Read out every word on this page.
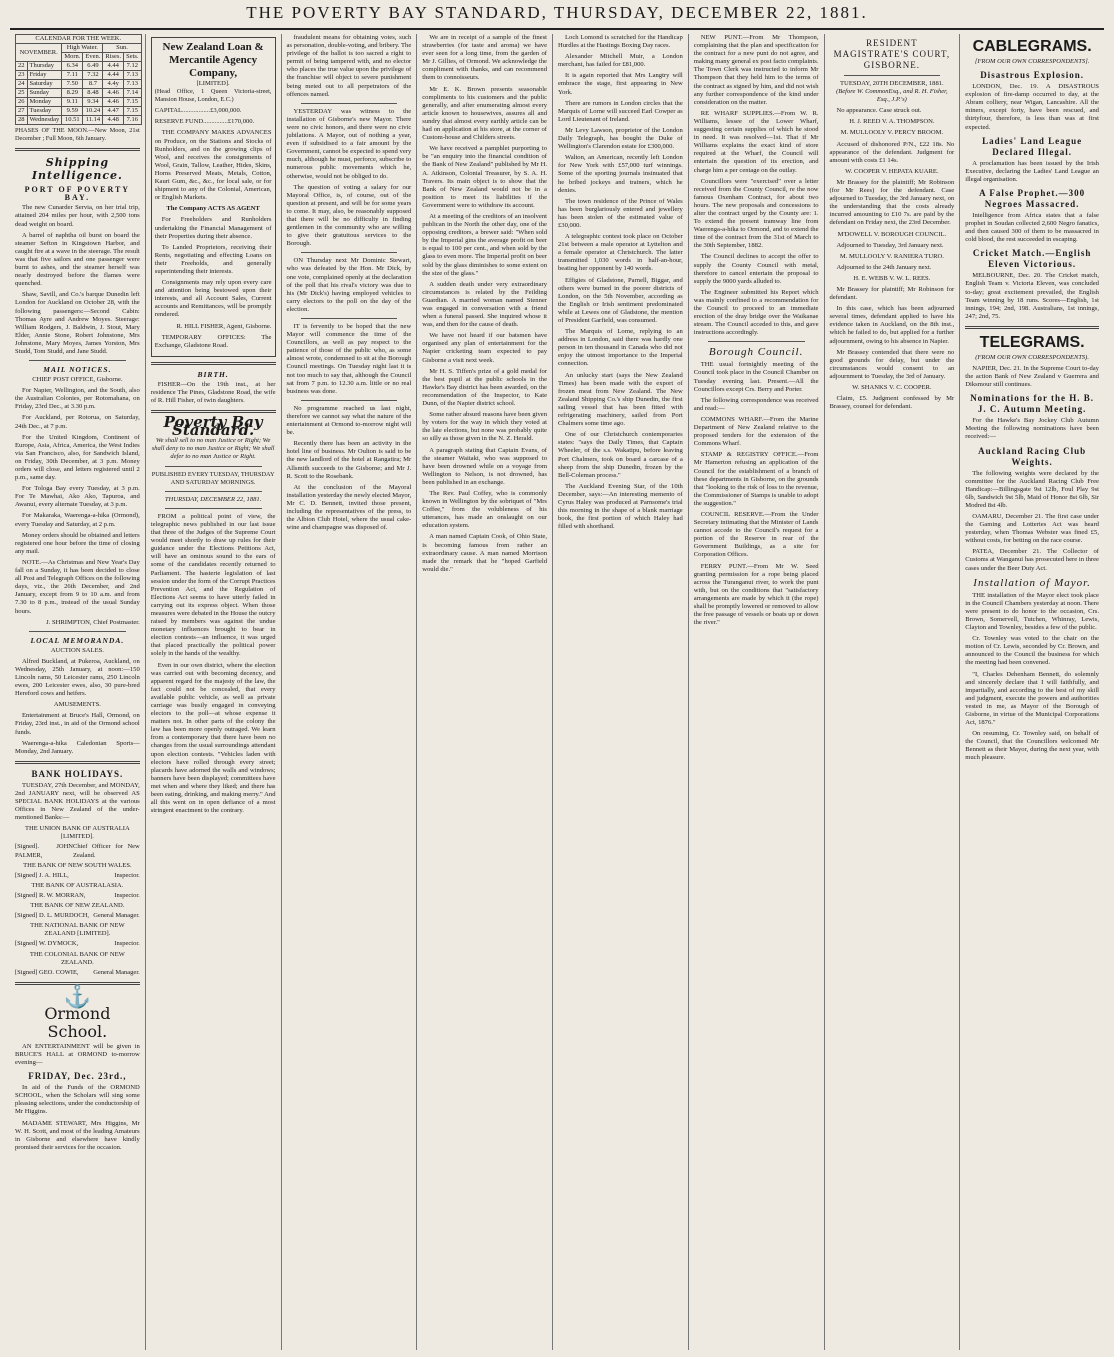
THE POVERTY BAY STANDARD, THURSDAY, DECEMBER 22, 1881.
CALENDAR FOR THE WEEK.					
NOVEMBER.		High Water.		Sun.	
		Morn.	Even.	Rises.	Sets.
22	Thursday	6.34	6.49	4.44	7.12
23	Friday	7.11	7.32	4.44	7.13
24	Saturday	7.50	8.7	4.4y	7.13
25	Sunday	8.29	8.48	4.46	7.14
26	Monday	9.11	9.34	4.46	7.15
27	Tuesday	9.59	10.24	4.47	7.15
28	Wednesday	10.51	11.14	4.48	7.16

PHASES OF THE MOON.—New Moon, 21st December ; Full Moon, 6th January.

Shipping Intelligence.
PORT OF POVERTY BAY.

The new Cunarder Servia, on her trial trip, attained 204 miles per hour, with 2,500 tons dead weight on board.

A barrel of naphtha oil burst on board the steamer Sefton in Kingstown Harbor, and caught fire at a wave in the steerage. The result was that five sailors and one passenger were burnt to ashes, and the steamer herself was nearly destroyed before the flames were quenched.

Shaw, Savill, and Co.'s barque Dunedin left London for Auckland on October 28, with the following passengers:—Second Cabin: Thomas Ayre and Andrew Moyes. Steerage: William Rodgers, J. Baldwin, J. Stout, Mary Elder, Annie Stone, Robert Johnstone, Mrs Johnstone, Mary Moyes, James Yorston, Mrs Studd, Tom Studd, and Jane Studd.

MAIL NOTICES.

CHIEF POST OFFICE, Gisborne.

For Napier, Wellington, and the South, also the Australian Colonies, per Rotomahana, on Friday, 23rd Dec., at 3.30 p.m.

For Auckland, per Rotorua, on Saturday, 24th Dec., at 7 p.m.

For the United Kingdom, Continent of Europe, Asia, Africa, America, the West Indies via San Francisco, also, for Sandwich Island, on Friday, 30th December, at 3 p.m. Money orders will close, and letters registered until 2 p.m., same day.

For Tologa Bay every Tuesday, at 3 p.m. For Te Mawhai, Ako Ako, Tapuroa, and Awanui, every alternate Tuesday, at 3 p.m.

For Makaraka, Waerenga-a-hika (Ormond), every Tuesday and Saturday, at 2 p.m.

Money orders should be obtained and letters registered one hour before the time of closing any mail.

NOTE.—As Christmas and New Year's Day fall on a Sunday, it has been decided to close all Post and Telegraph Offices on the following days, viz., the 26th December, and 2nd January, except from 9 to 10 a.m. and from 7.30 to 8 p.m., instead of the usual Sunday hours.

J. SHRIMPTON, Chief Postmaster.

LOCAL MEMORANDA.

AUCTION SALES.

Alfred Buckland, at Pukeroa, Auckland, on Wednesday, 25th January, at noon:—150 Lincoln rams, 50 Leicester rams, 250 Lincoln ewes, 200 Leicester ewes, also, 30 pure-bred Hereford cows and heifers.

AMUSEMENTS.

Entertainment at Bruce's Hall, Ormond, on Friday, 23rd inst., in aid of the Ormond school funds.

Waerenga-a-hika Caledonian Sports—Monday, 2nd January.

BANK HOLIDAYS.

TUESDAY, 27th December, and MONDAY, 2nd JANUARY next, will be observed AS SPECIAL BANK HOLIDAYS at the various Offices in New Zealand of the under-mentioned Banks:—

THE UNION BANK OF AUSTRALIA [LIMITED].

[Signed]. JOHN PALMER,
Chief Officer for New Zealand.

THE BANK OF NEW SOUTH WALES.

[Signed] J. A. HILL,	Inspector.

THE BANK OF AUSTRALASIA.

[Signed] R. W. MORRAN,	Inspector.

THE BANK OF NEW ZEALAND.

[Signed] D. L. MURDOCH, General Manager.

THE NATIONAL BANK OF NEW ZEALAND [LIMITED].

[Signed] W. DYMOCK,	Inspector.

THE COLONIAL BANK OF NEW ZEALAND.

[Signed] GEO. COWIE, General Manager.
⚓
Ormond School.

AN ENTERTAINMENT will be given in BRUCE'S HALL at ORMOND to-morrow evening—

FRIDAY, Dec. 23rd.,

In aid of the Funds of the ORMOND SCHOOL, when the Scholars will sing some pleasing selections, under the conductorship of Mr Higgins.

MADAME STEWART, Mrs Higgins, Mr W. H. Scott, and most of the leading Amateurs in Gisborne and elsewhere have kindly promised their services for the occasion.

New Zealand Loan & Mercantile Agency Company,
[LIMITED].

(Head Office, 1 Queen Victoria-street, Mansion House, London, E.C.)

CAPITAL.................£3,000,000.

RESERVE FUND...............£170,000.

THE COMPANY MAKES ADVANCES on Produce, on the Stations and Stocks of Runholders, and on the growing clips of Wool, and receives the consignments of Wool, Grain, Tallow, Leather, Hides, Skins, Horns Preserved Meats, Metals, Cotton, Kauri Gum, &c., &c., for local sale, or for shipment to any of the Colonial, American, or English Markets.

The Company ACTS AS AGENT

For Freeholders and Runholders undertaking the Financial Management of their Properties during their absence.

To Landed Proprietors, receiving their Rents, negotiating and effecting Loans on their Freeholds, and generally superintending their interests.

Consignments may rely upon every care and attention being bestowed upon their interests, and all Account Sales, Current accounts and Remittances, will be promptly rendered.

R. HILL FISHER, Agent, Gisborne.

TEMPORARY OFFICES: The Exchange, Gladstone Road.

BIRTH.

FISHER—On the 19th inst., at her residence The Pines, Gladstone Road, the wife of R. Hill Fisher, of twin daughters.

Poverty Bay Standard.
We shall sell to no man Justice or Right; We shall deny to no man Justice or Right; We shall defer to no man Justice or Right.
PUBLISHED EVERY TUESDAY, THURSDAY AND SATURDAY MORNINGS.
THURSDAY, DECEMBER 22, 1881.

FROM a political point of view, the telegraphic news published in our last issue that three of the Judges of the Supreme Court would meet shortly to draw up rules for their guidance under the Elections Petitions Act, will have an ominous sound to the ears of some of the candidates recently returned to Parliament. The hasterie legislation of last session under the form of the Corrupt Practices Prevention Act, and the Regulation of Elections Act seems to have utterly failed in carrying out its express object. When those measures were debated in the House the outcry raised by members was against the undue monetary influences brought to bear in election contests—an influence, it was urged that placed practically the political power solely in the hands of the wealthy.

Even in our own district, where the election was carried out with becoming decency, and apparent regard for the majesty of the law, the fact could not be concealed, that every available public vehicle, as well as private carriage was busily engaged in conveying electors to the poll—at whose expense it matters not. In other parts of the colony the law has been more openly outraged. We learn from a contemporary that there have been no changes from the usual surroundings attendant upon election contests. "Vehicles laden with electors have rolled through every street; placards have adorned the walls and windows; banners have been displayed; committees have met when and where they liked; and there has been eating, drinking, and making merry." And all this went on in open defiance of a most stringent enactment to the contrary.

fraudulent means for obtaining votes, such as personation, double-voting, and bribery. The privilege of the ballot is too sacred a right to permit of being tampered with, and no elector who places the true value upon the privilege of the franchise will object to severe punishment being meted out to all perpetrators of the offences named.

YESTERDAY was witness to the installation of Gisborne's new Mayor. There were no civic honors, and there were no civic jubilations. A Mayor, out of nothing a year, even if subsidised to a fair amount by the Government, cannot be expected to spend very much, although he must, perforce, subscribe to numerous public movements which he, otherwise, would not be obliged to do.

The question of voting a salary for our Mayoral Office, is, of course, out of the question at present, and will be for some years to come. It may, also, be reasonably supposed that there will be no difficulty in finding gentlemen in the community who are willing to give their gratuitous services to the Borough.

ON Thursday next Mr Dominic Stewart, who was defeated by the Hon. Mr Dick, by one vote, complained openly at the declaration of the poll that his rival's victory was due to his (Mr Dick's) having employed vehicles to carry electors to the poll on the day of the election.

IT is fervently to be hoped that the new Mayor will commence the time of the Councillors, as well as pay respect to the patience of those of the public who, as some almost wrote, condemned to sit at the Borough Council meetings. On Tuesday night last it is not too much to say that, although the Council sat from 7 p.m. to 12.30 a.m. little or no real business was done.

No programme reached us last night, therefore we cannot say what the nature of the entertainment at Ormond to-morrow night will be.

Recently there has been an activity in the hotel line of business. Mr Oulton is said to be the new landlord of the hotel at Rangatira; Mr Allsmith succeeds to the Gisborne; and Mr J. R. Scott to the Rosebank.

At the conclusion of the Mayoral installation yesterday the newly elected Mayor, Mr C. D. Bennett, invited those present, including the representatives of the press, to the Albion Club Hotel, where the usual cake-wine and champagne was disposed of.

We are in receipt of a sample of the finest strawberries (for taste and aroma) we have ever seen for a long time, from the garden of Mr J. Gillies, of Ormond. We acknowledge the compliment with thanks, and can recommend them to connoisseurs.

Mr E. K. Brown presents seasonable compliments to his customers and the public generally, and after enumerating almost every article known to housewives, assures all and sundry that almost every earthly article can be had on application at his store, at the corner of Custom-house and Childers streets.

We have received a pamphlet purporting to be "an enquiry into the financial condition of the Bank of New Zealand" published by Mr H. A. Atkinson, Colonial Treasurer, by S. A. H. Travers. Its main object is to show that the Bank of New Zealand would not be in a position to meet its liabilities if the Government were to withdraw its account.

At a meeting of the creditors of an insolvent publican in the North the other day, one of the opposing creditors, a brewer said: "When sold by the Imperial gins the average profit on beer is equal to 100 per cent., and when sold by the glass to even more. The Imperial profit on beer sold by the glass diminishes to some extent on the size of the glass."

A sudden death under very extraordinary circumstances is related by the Feilding Guardian. A married woman named Stenner was engaged in conversation with a friend when a funeral passed. She inquired whose it was, and then for the cause of death.

We have not heard if our batsmen have organised any plan of entertainment for the Napier cricketing team expected to pay Gisborne a visit next week.

Mr H. S. Tiffen's prize of a gold medal for the best pupil at the public schools in the Hawke's Bay district has been awarded, on the recommendation of the Inspector, to Kate Dunn, of the Napier district school.

Some rather absurd reasons have been given by voters for the way in which they voted at the late elections, but none was probably quite so silly as those given in the N. Z. Herald.

A paragraph stating that Captain Evans, of the steamer Waitaki, who was supposed to have been drowned while on a voyage from Wellington to Nelson, is not drowned, has been published in an exchange.

The Rev. Paul Coffey, who is commonly known in Wellington by the sobriquet of "Mrs Coffee," from the volubleness of his utterances, has made an onslaught on our education system.

A man named Captain Cook, of Ohio State, is becoming famous from rather an extraordinary cause. A man named Morrison made the remark that he "hoped Garfield would die."

Loch Lomond is scratched for the Handicap Hurdles at the Hastings Boxing Day races.

Alexander Mitchell Muir, a London merchant, has failed for £81,000.

It is again reported that Mrs Langtry will embrace the stage, first appearing in New York.

There are rumors in London circles that the Marquis of Lorne will succeed Earl Cowper as Lord Lieutenant of Ireland.

Mr Levy Lawson, proprietor of the London Daily Telegraph, has bought the Duke of Wellington's Clarendon estate for £300,000.

Walton, an American, recently left London for New York with £57,000 turf winnings. Some of the sporting journals insinuated that he bribed jockeys and trainers, which he denies.

The town residence of the Prince of Wales has been burglariously entered and jewellery has been stolen of the estimated value of £30,000.

A telegraphic contest took place on October 21st between a male operator at Lyttelton and a female operator at Christchurch. The latter transmitted 1,030 words in half-an-hour, beating her opponent by 140 words.

Effigies of Gladstone, Parnell, Biggar, and others were burned in the poorer districts of London, on the 5th November, according as the English or Irish sentiment predominated while at Lewes one of Gladstone, the mention of President Garfield, was consumed.

The Marquis of Lorne, replying to an address in London, said there was hardly one person in ten thousand in Canada who did not enjoy the utmost importance to the Imperial connection.

An unlucky start (says the New Zealand Times) has been made with the export of frozen meat from New Zealand. The New Zealand Shipping Co.'s ship Dunedin, the first sailing vessel that has been fitted with refrigerating machinery, sailed from Port Chalmers some time ago.

One of our Christchurch contemporaries states: "says the Daily Times, that Captain Wheeler, of the s.s. Wakatipu, before leaving Port Chalmers, took on board a carcase of a sheep from the ship Dunedin, frozen by the Bell-Coleman process."

The Auckland Evening Star, of the 10th December, says:—An interesting memento of Cyrus Haley was produced at Parnsome's trial this morning in the shape of a blank marriage book, the first portion of which Haley had filled with shorthand.

NEW PUNT.—From Mr Thompson, complaining that the plan and specification for the contract for a new punt do not agree, and making many general ex post facto complaints. The Town Clerk was instructed to inform Mr Thompson that they held him to the terms of the contract as signed by him, and did not wish any further correspondence of the kind under consideration on the matter.

RE WHARF SUPPLIES.—From W. R. Williams, lessee of the Lower Wharf, suggesting certain supplies of which he stood in need. It was resolved—1st. That if Mr Williams explains the exact kind of store required at the Wharf, the Council will entertain the question of its erection, and charge him a per centage on the outlay.

Councillors were "exercised" over a letter received from the County Council, re the now famous Oxenham Contract, for about two hours. The new proposals and concessions to alter the contract urged by the County are: 1. To extend the present tramway line from Waerenga-a-hika to Ormond, and to extend the time of the contract from the 31st of March to the 30th September, 1882.

The Council declines to accept the offer to supply the County Council with metal, therefore to cancel entertain the proposal to supply the 9000 yards alluded to.

The Engineer submitted his Report which was mainly confined to a recommendation for the Council to proceed to an immediate erection of the dray bridge over the Waikanae stream. The Council acceded to this, and gave instructions accordingly.

Borough Council.

THE usual fortnightly meeting of the Council took place in the Council Chamber on Tuesday evening last. Present.—All the Councillors except Crs. Berry and Porter.

The following correspondence was received and read:—

COMMONS WHARF.—From the Marine Department of New Zealand relative to the proposed tenders for the extension of the Commons Wharf.

STAMP & REGISTRY OFFICE.—From Mr Hamerton refusing an application of the Council for the establishment of a branch of these departments in Gisborne, on the grounds that "looking to the risk of loss to the revenue, the Commissioner of Stamps is unable to adopt the suggestion."

COUNCIL RESERVE.—From the Under Secretary intimating that the Minister of Lands cannot accede to the Council's request for a portion of the Reserve in rear of the Government Buildings, as a site for Corporation Offices.

FERRY PUNT.—From Mr W. Seed granting permission for a rope being placed across the Turanganui river, to work the punt with, but on the conditions that "satisfactory arrangements are made by which it (the rope) shall be promptly lowered or removed to allow the free passage of vessels or boats up or down the river."

RESIDENT MAGISTRATE'S COURT, GISBORNE.
TUESDAY, 20TH DECEMBER, 1881.
(Before W. CommonEsq., and R. H. Fisher, Esq., J.P.'s)

No appearance. Case struck out.

H. J. REED V. A. THOMPSON.

M. MULLOOLY V. PERCY BROOM.

Accused of dishonored P/N., £22 18s. No appearance of the defendant. Judgment for amount with costs £1 14s.

W. COOPER V. HEPATA KUARE.

Mr Brassey for the plaintiff; Mr Robinson (for Mr Rees) for the defendant. Case adjourned to Tuesday, the 3rd January next, on the understanding that the costs already incurred amounting to £10 7s. are paid by the defendant on Friday next, the 23rd December.

M'DOWELL V. BOROUGH COUNCIL.

Adjourned to Tuesday, 3rd January next.

M. MULLOOLY V. RANIERA TURO.

Adjourned to the 24th January next.

H. E. WEBB V. W. L. REES.

Mr Brassey for plaintiff; Mr Robinson for defendant.

In this case, which has been adjourned several times, defendant applied to have his evidence taken in Auckland, on the 8th inst., which he failed to do, but applied for a further adjournment, owing to his absence in Napier.

Mr Brassey contended that there were no good grounds for delay, but under the circumstances would consent to an adjournment to Tuesday, the 3rd of January.

W. SHANKS V. C. COOPER.

Claim, £5. Judgment confessed by Mr Brassey, counsel for defendant.

CABLEGRAMS.
[FROM OUR OWN CORRESPONDENTS].
Disastrous Explosion.

LONDON, Dec. 19. A DISASTROUS explosion of fire-damp occurred to day, at the Abram colliery, near Wigan, Lancashire. All the miners, except forty, have been rescued, and thirtyfour, therefore, is less than was at first expected.

Ladies' Land League Declared Illegal.

A proclamation has been issued by the Irish Executive, declaring the Ladies' Land League an illegal organisation.

A False Prophet.—300 Negroes Massacred.

Intelligence from Africa states that a false prophet in Soudan collected 2,600 Negro fanatics, and then caused 300 of them to be massacred in cold blood, the rest succeeded in escaping.

Cricket Match.—English Eleven Victorious.

MELBOURNE, Dec. 20. The Cricket match, English Team v. Victoria Eleven, was concluded to-day; great excitement prevailed, the English Team winning by 18 runs. Scores—English, 1st innings, 194; 2nd, 198. Australians, 1st innings, 247; 2nd, 75.

TELEGRAMS.
(FROM OUR OWN CORRESPONDENTS).

NAPIER, Dec. 21. In the Supreme Court to-day the action Bank of New Zealand v Guerrera and Diksmour still continues.

Nominations for the H. B. J. C. Autumn Meeting.

For the Hawke's Bay Jockey Club Autumn Meeting the following nominations have been received:—

Auckland Racing Club Weights.

The following weights were declared by the committee for the Auckland Racing Club Free Handicap:—Billingsgate 9st 12lb, Foul Play 9st 6lb, Sandwich 9st 5lb, Maid of Honor 8st 6lb, Sir Modred 8st 4lb.

OAMARU, December 21. The first case under the Gaming and Lotteries Act was heard yesterday, when Thomas Webster was fined £5, without costs, for betting on the race course.

PATEA, December 21. The Collector of Customs at Wanganui has prosecuted here in three cases under the Beer Duty Act.

Installation of Mayor.

THE installation of the Mayor elect took place in the Council Chambers yesterday at noon. There were present to do honor to the occasion, Crs. Brown, Somervell, Tutchen, Whinray, Lewis, Clayton and Townley, besides a few of the public.

Cr. Townley was voted to the chair on the motion of Cr. Lewis, seconded by Cr. Brown, and announced to the Council the business for which the meeting had been convened.

"I, Charles Dehenham Bennett, do solemnly and sincerely declare that I will faithfully, and impartially, and according to the best of my skill and judgment, execute the powers and authorities vested in me, as Mayor of the Borough of Gisborne, in virtue of the Municipal Corporations Act, 1876."

On resuming, Cr. Townley said, on behalf of the Council, that the Councillors welcomed Mr Bennett as their Mayor, during the next year, with much pleasure.
